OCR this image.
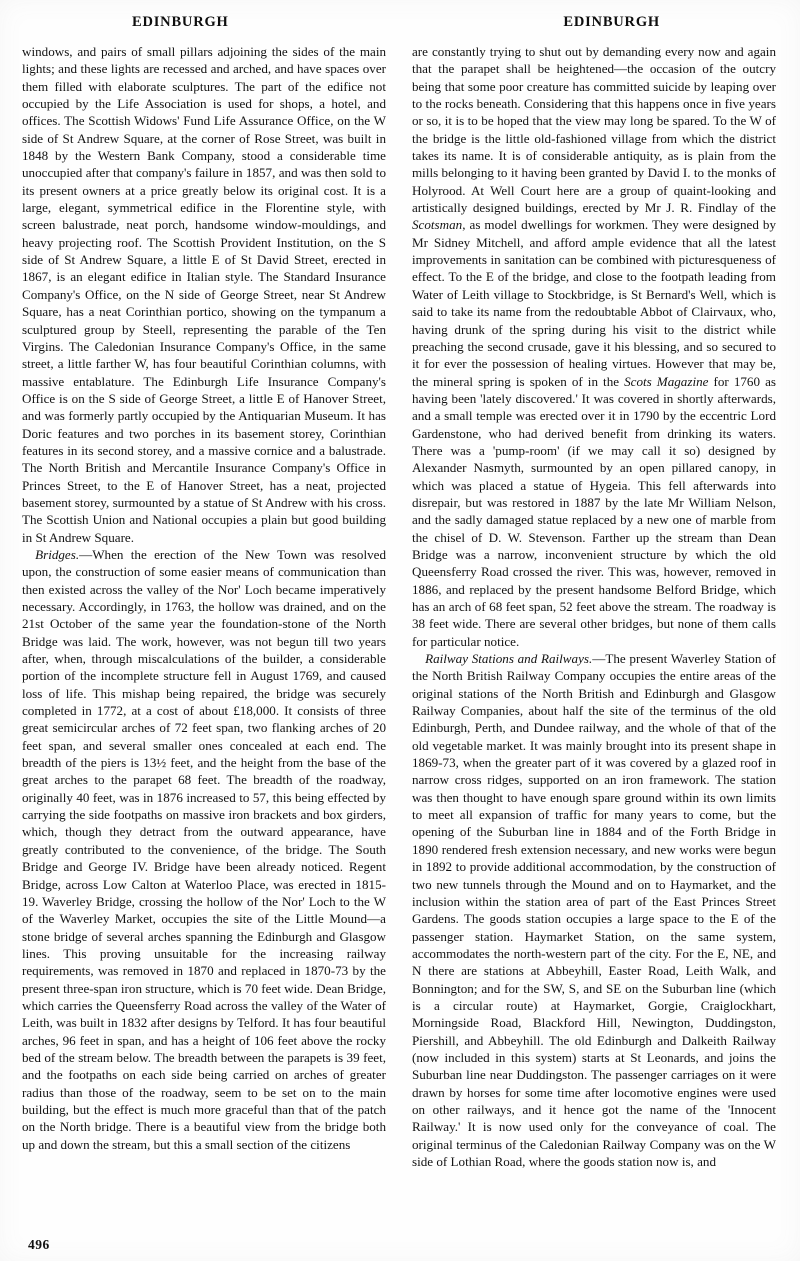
EDINBURGH	EDINBURGH

windows, and pairs of small pillars adjoining the sides of the main lights; and these lights are recessed and arched, and have spaces over them filled with elaborate sculptures. The part of the edifice not occupied by the Life Association is used for shops, a hotel, and offices. The Scottish Widows' Fund Life Assurance Office, on the W side of St Andrew Square, at the corner of Rose Street, was built in 1848 by the Western Bank Company, stood a considerable time unoccupied after that company's failure in 1857, and was then sold to its present owners at a price greatly below its original cost. It is a large, elegant, symmetrical edifice in the Florentine style, with screen balustrade, neat porch, handsome window-mouldings, and heavy projecting roof. The Scottish Provident Institution, on the S side of St Andrew Square, a little E of St David Street, erected in 1867, is an elegant edifice in Italian style. The Standard Insurance Company's Office, on the N side of George Street, near St Andrew Square, has a neat Corinthian portico, showing on the tympanum a sculptured group by Steell, representing the parable of the Ten Virgins. The Caledonian Insurance Company's Office, in the same street, a little farther W, has four beautiful Corinthian columns, with massive entablature. The Edinburgh Life Insurance Company's Office is on the S side of George Street, a little E of Hanover Street, and was formerly partly occupied by the Antiquarian Museum. It has Doric features and two porches in its basement storey, Corinthian features in its second storey, and a massive cornice and a balustrade. The North British and Mercantile Insurance Company's Office in Princes Street, to the E of Hanover Street, has a neat, projected basement storey, surmounted by a statue of St Andrew with his cross. The Scottish Union and National occupies a plain but good building in St Andrew Square.

Bridges.—When the erection of the New Town was resolved upon, the construction of some easier means of communication than then existed across the valley of the Nor' Loch became imperatively necessary. Accordingly, in 1763, the hollow was drained, and on the 21st October of the same year the foundation-stone of the North Bridge was laid. The work, however, was not begun till two years after, when, through miscalculations of the builder, a considerable portion of the incomplete structure fell in August 1769, and caused loss of life. This mishap being repaired, the bridge was securely completed in 1772, at a cost of about £18,000. It consists of three great semicircular arches of 72 feet span, two flanking arches of 20 feet span, and several smaller ones concealed at each end. The breadth of the piers is 13½ feet, and the height from the base of the great arches to the parapet 68 feet. The breadth of the roadway, originally 40 feet, was in 1876 increased to 57, this being effected by carrying the side footpaths on massive iron brackets and box girders, which, though they detract from the outward appearance, have greatly contributed to the convenience, of the bridge. The South Bridge and George IV. Bridge have been already noticed. Regent Bridge, across Low Calton at Waterloo Place, was erected in 1815-19. Waverley Bridge, crossing the hollow of the Nor' Loch to the W of the Waverley Market, occupies the site of the Little Mound—a stone bridge of several arches spanning the Edinburgh and Glasgow lines. This proving unsuitable for the increasing railway requirements, was removed in 1870 and replaced in 1870-73 by the present three-span iron structure, which is 70 feet wide. Dean Bridge, which carries the Queensferry Road across the valley of the Water of Leith, was built in 1832 after designs by Telford. It has four beautiful arches, 96 feet in span, and has a height of 106 feet above the rocky bed of the stream below. The breadth between the parapets is 39 feet, and the footpaths on each side being carried on arches of greater radius than those of the roadway, seem to be set on to the main building, but the effect is much more graceful than that of the patch on the North bridge. There is a beautiful view from the bridge both up and down the stream, but this a small section of the citizens

are constantly trying to shut out by demanding every now and again that the parapet shall be heightened—the occasion of the outcry being that some poor creature has committed suicide by leaping over to the rocks beneath. Considering that this happens once in five years or so, it is to be hoped that the view may long be spared. To the W of the bridge is the little old-fashioned village from which the district takes its name. It is of considerable antiquity, as is plain from the mills belonging to it having been granted by David I. to the monks of Holyrood. At Well Court here are a group of quaint-looking and artistically designed buildings, erected by Mr J. R. Findlay of the Scotsman, as model dwellings for workmen. They were designed by Mr Sidney Mitchell, and afford ample evidence that all the latest improvements in sanitation can be combined with picturesqueness of effect. To the E of the bridge, and close to the footpath leading from Water of Leith village to Stockbridge, is St Bernard's Well, which is said to take its name from the redoubtable Abbot of Clairvaux, who, having drunk of the spring during his visit to the district while preaching the second crusade, gave it his blessing, and so secured to it for ever the possession of healing virtues. However that may be, the mineral spring is spoken of in the Scots Magazine for 1760 as having been 'lately discovered.' It was covered in shortly afterwards, and a small temple was erected over it in 1790 by the eccentric Lord Gardenstone, who had derived benefit from drinking its waters. There was a 'pump-room' (if we may call it so) designed by Alexander Nasmyth, surmounted by an open pillared canopy, in which was placed a statue of Hygeia. This fell afterwards into disrepair, but was restored in 1887 by the late Mr William Nelson, and the sadly damaged statue replaced by a new one of marble from the chisel of D. W. Stevenson. Farther up the stream than Dean Bridge was a narrow, inconvenient structure by which the old Queensferry Road crossed the river. This was, however, removed in 1886, and replaced by the present handsome Belford Bridge, which has an arch of 68 feet span, 52 feet above the stream. The roadway is 38 feet wide. There are several other bridges, but none of them calls for particular notice.

Railway Stations and Railways.—The present Waverley Station of the North British Railway Company occupies the entire areas of the original stations of the North British and Edinburgh and Glasgow Railway Companies, about half the site of the terminus of the old Edinburgh, Perth, and Dundee railway, and the whole of that of the old vegetable market. It was mainly brought into its present shape in 1869-73, when the greater part of it was covered by a glazed roof in narrow cross ridges, supported on an iron framework. The station was then thought to have enough spare ground within its own limits to meet all expansion of traffic for many years to come, but the opening of the Suburban line in 1884 and of the Forth Bridge in 1890 rendered fresh extension necessary, and new works were begun in 1892 to provide additional accommodation, by the construction of two new tunnels through the Mound and on to Haymarket, and the inclusion within the station area of part of the East Princes Street Gardens. The goods station occupies a large space to the E of the passenger station. Haymarket Station, on the same system, accommodates the north-western part of the city. For the E, NE, and N there are stations at Abbeyhill, Easter Road, Leith Walk, and Bonnington; and for the SW, S, and SE on the Suburban line (which is a circular route) at Haymarket, Gorgie, Craiglockhart, Morningside Road, Blackford Hill, Newington, Duddingston, Piershill, and Abbeyhill. The old Edinburgh and Dalkeith Railway (now included in this system) starts at St Leonards, and joins the Suburban line near Duddingston. The passenger carriages on it were drawn by horses for some time after locomotive engines were used on other railways, and it hence got the name of the 'Innocent Railway.' It is now used only for the conveyance of coal. The original terminus of the Caledonian Railway Company was on the W side of Lothian Road, where the goods station now is, and

496
